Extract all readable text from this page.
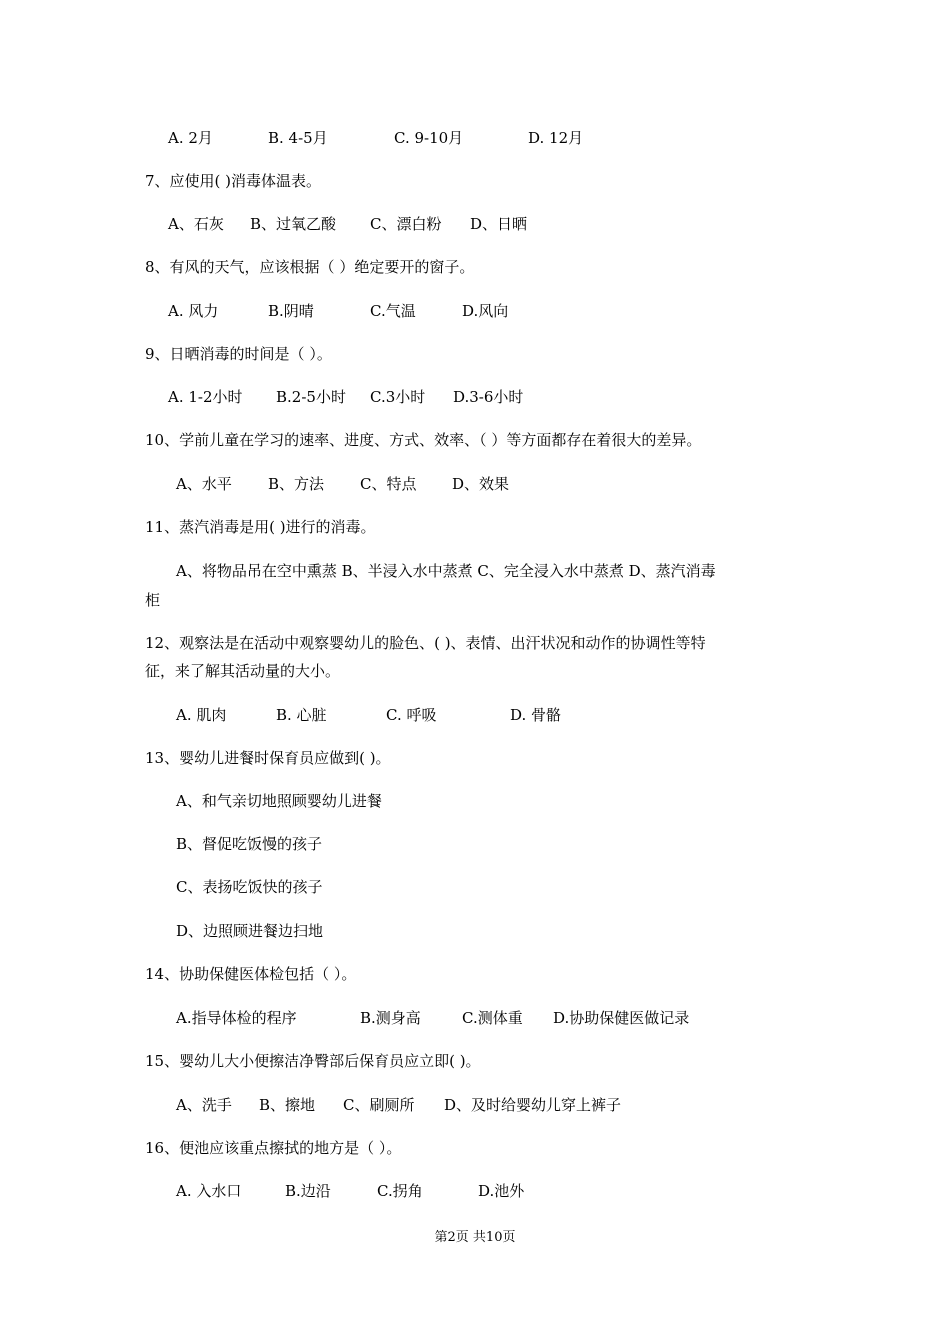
A. 2月	B. 4-5月	C. 9-10月	D. 12月
7、应使用( )消毒体温表。
A、石灰 B、过氧乙酸 C、漂白粉 D、日晒
8、有风的天气，应该根据（ ）绝定要开的窗子。
A. 风力	B.阴晴	C.气温	D.风向
9、日晒消毒的时间是（ ）。
A. 1-2小时 B.2-5小时 C.3小时 D.3-6小时
10、学前儿童在学习的速率、进度、方式、效率、（ ）等方面都存在着很大的差异。
A、水平 B、方法 C、特点 D、效果
11、蒸汽消毒是用( )进行的消毒。
A、将物品吊在空中熏蒸 B、半浸入水中蒸煮 C、完全浸入水中蒸煮 D、蒸汽消毒
柜
12、观察法是在活动中观察婴幼儿的脸色、( )、表情、出汗状况和动作的协调性等特
征，来了解其活动量的大小。
A. 肌肉	B. 心脏	C. 呼吸	D. 骨骼
13、婴幼儿进餐时保育员应做到( )。
A、和气亲切地照顾婴幼儿进餐
B、督促吃饭慢的孩子
C、表扬吃饭快的孩子
D、边照顾进餐边扫地
14、协助保健医体检包括（ ）。
A.指导体检的程序	B.测身高	C.测体重 D.协助保健医做记录
15、婴幼儿大小便擦洁净臀部后保育员应立即( )。
A、洗手 B、擦地 C、刷厕所 D、及时给婴幼儿穿上裤子
16、便池应该重点擦拭的地方是（ ）。
A. 入水口	B.边沿	C.拐角	D.池外
第2页 共10页
